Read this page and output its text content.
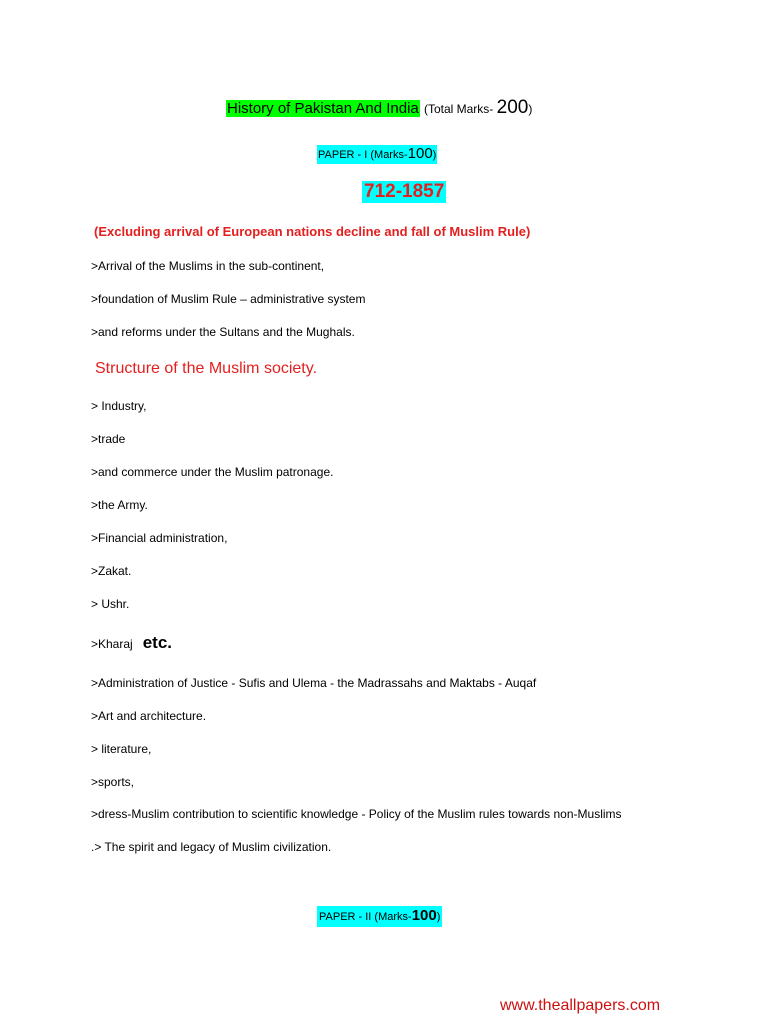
History of Pakistan And India (Total Marks- 200)
PAPER - I (Marks-100)
712-1857
(Excluding arrival of European nations decline and fall of Muslim Rule)
>Arrival of the Muslims in the sub-continent,
>foundation of Muslim Rule – administrative system
>and reforms under the Sultans and the Mughals.
Structure of the Muslim society.
> Industry,
>trade
>and commerce under the Muslim patronage.
>the Army.
>Financial administration,
>Zakat.
> Ushr.
>Kharaj etc.
>Administration of Justice - Sufis and Ulema - the Madrassahs and Maktabs - Auqaf
>Art and architecture.
> literature,
>sports,
>dress-Muslim contribution to scientific knowledge - Policy of the Muslim rules towards non-Muslims
.> The spirit and legacy of Muslim civilization.
PAPER - II (Marks-100)
www.theallpapers.com
